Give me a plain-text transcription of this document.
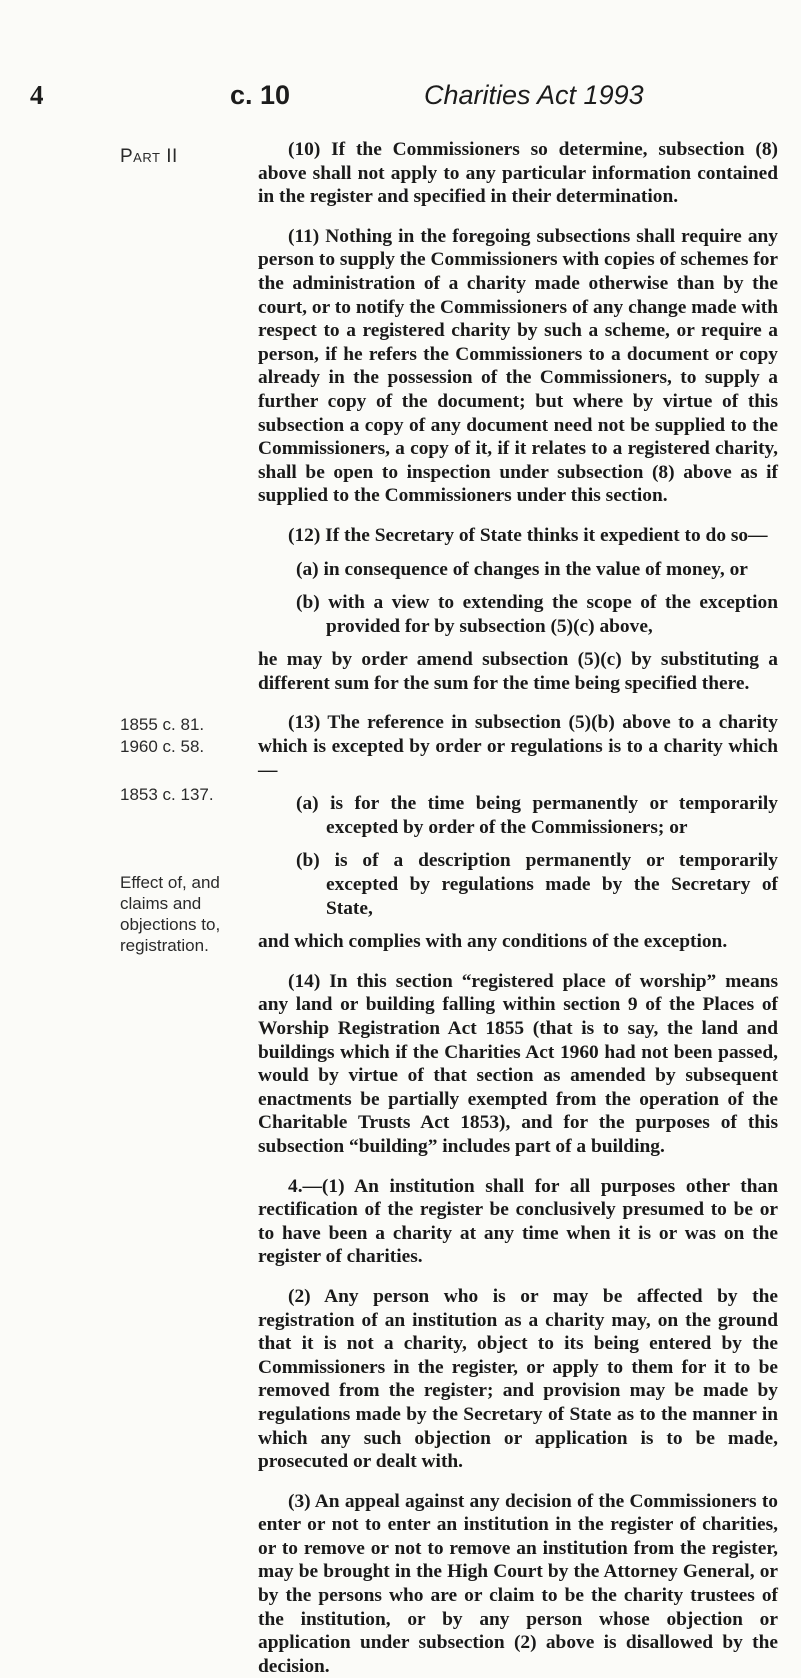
4	c. 10	Charities Act 1993
Part II
1855 c. 81.
1960 c. 58.
1853 c. 137.
Effect of, and claims and objections to, registration.

(10) If the Commissioners so determine, subsection (8) above shall not apply to any particular information contained in the register and specified in their determination.

(11) Nothing in the foregoing subsections shall require any person to supply the Commissioners with copies of schemes for the administration of a charity made otherwise than by the court, or to notify the Commissioners of any change made with respect to a registered charity by such a scheme, or require a person, if he refers the Commissioners to a document or copy already in the possession of the Commissioners, to supply a further copy of the document; but where by virtue of this subsection a copy of any document need not be supplied to the Commissioners, a copy of it, if it relates to a registered charity, shall be open to inspection under subsection (8) above as if supplied to the Commissioners under this section.

(12) If the Secretary of State thinks it expedient to do so—

(a) in consequence of changes in the value of money, or

(b) with a view to extending the scope of the exception provided for by subsection (5)(c) above,

he may by order amend subsection (5)(c) by substituting a different sum for the sum for the time being specified there.

(13) The reference in subsection (5)(b) above to a charity which is excepted by order or regulations is to a charity which—

(a) is for the time being permanently or temporarily excepted by order of the Commissioners; or

(b) is of a description permanently or temporarily excepted by regulations made by the Secretary of State,

and which complies with any conditions of the exception.

(14) In this section “registered place of worship” means any land or building falling within section 9 of the Places of Worship Registration Act 1855 (that is to say, the land and buildings which if the Charities Act 1960 had not been passed, would by virtue of that section as amended by subsequent enactments be partially exempted from the operation of the Charitable Trusts Act 1853), and for the purposes of this subsection “building” includes part of a building.

4.—(1) An institution shall for all purposes other than rectification of the register be conclusively presumed to be or to have been a charity at any time when it is or was on the register of charities.

(2) Any person who is or may be affected by the registration of an institution as a charity may, on the ground that it is not a charity, object to its being entered by the Commissioners in the register, or apply to them for it to be removed from the register; and provision may be made by regulations made by the Secretary of State as to the manner in which any such objection or application is to be made, prosecuted or dealt with.

(3) An appeal against any decision of the Commissioners to enter or not to enter an institution in the register of charities, or to remove or not to remove an institution from the register, may be brought in the High Court by the Attorney General, or by the persons who are or claim to be the charity trustees of the institution, or by any person whose objection or application under subsection (2) above is disallowed by the decision.
